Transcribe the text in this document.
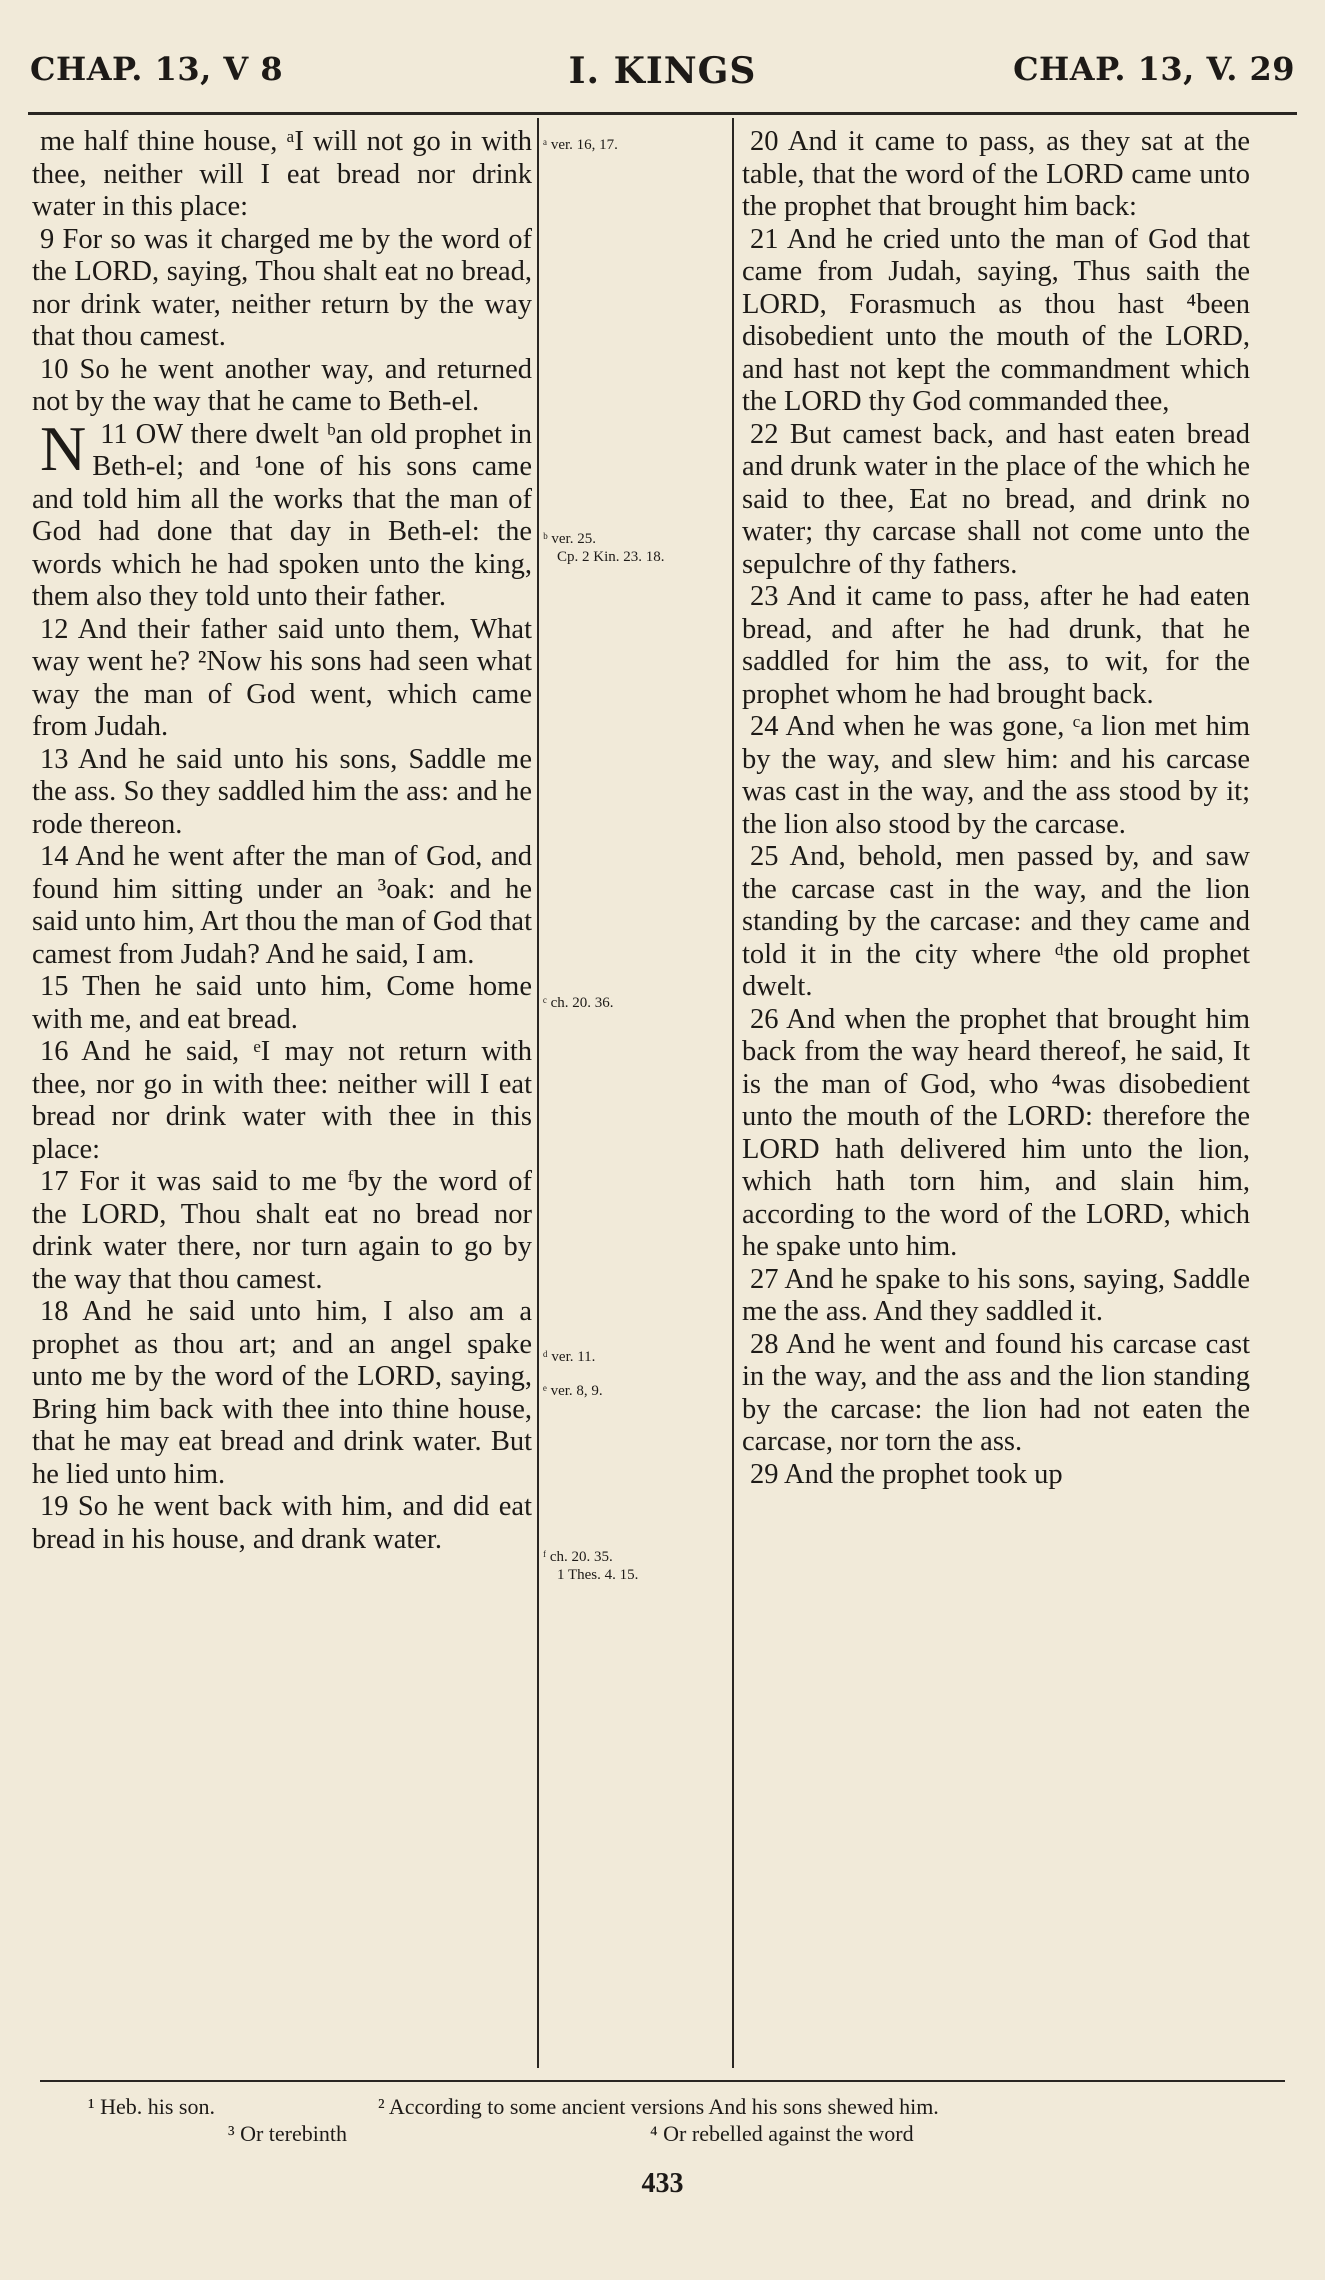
CHAP. 13, V 8	I. KINGS	CHAP. 13, V. 29

me half thine house, ᵃI will not go in with thee, neither will I eat bread nor drink water in this place:

9 For so was it charged me by the word of the LORD, saying, Thou shalt eat no bread, nor drink water, neither return by the way that thou camest.

10 So he went another way, and returned not by the way that he came to Beth-el.

11
N OW there dwelt ᵇan old prophet in Beth-el; and ¹one of his sons came and told him all the works that the man of God had done that day in Beth-el: the words which he had spoken unto the king, them also they told unto their father.

12 And their father said unto them, What way went he? ²Now his sons had seen what way the man of God went, which came from Judah.

13 And he said unto his sons, Saddle me the ass. So they saddled him the ass: and he rode thereon.

14 And he went after the man of God, and found him sitting under an ³oak: and he said unto him, Art thou the man of God that camest from Judah? And he said, I am.

15 Then he said unto him, Come home with me, and eat bread.

16 And he said, ᵉI may not return with thee, nor go in with thee: neither will I eat bread nor drink water with thee in this place:

17 For it was said to me ᶠby the word of the LORD, Thou shalt eat no bread nor drink water there, nor turn again to go by the way that thou camest.

18 And he said unto him, I also am a prophet as thou art; and an angel spake unto me by the word of the LORD, saying, Bring him back with thee into thine house, that he may eat bread and drink water. But he lied unto him.

19 So he went back with him, and did eat bread in his house, and drank water.

ᵃ ver. 16, 17.
ᵇ ver. 25.
Cp. 2 Kin. 23. 18.
ᶜ ch. 20. 36.
ᵈ ver. 11.
ᵉ ver. 8, 9.
ᶠ ch. 20. 35.
1 Thes. 4. 15.

20 And it came to pass, as they sat at the table, that the word of the LORD came unto the prophet that brought him back:

21 And he cried unto the man of God that came from Judah, saying, Thus saith the LORD, Forasmuch as thou hast ⁴been disobedient unto the mouth of the LORD, and hast not kept the commandment which the LORD thy God commanded thee,

22 But camest back, and hast eaten bread and drunk water in the place of the which he said to thee, Eat no bread, and drink no water; thy carcase shall not come unto the sepulchre of thy fathers.

23 And it came to pass, after he had eaten bread, and after he had drunk, that he saddled for him the ass, to wit, for the prophet whom he had brought back.

24 And when he was gone, ᶜa lion met him by the way, and slew him: and his carcase was cast in the way, and the ass stood by it; the lion also stood by the carcase.

25 And, behold, men passed by, and saw the carcase cast in the way, and the lion standing by the carcase: and they came and told it in the city where ᵈthe old prophet dwelt.

26 And when the prophet that brought him back from the way heard thereof, he said, It is the man of God, who ⁴was disobedient unto the mouth of the LORD: therefore the LORD hath delivered him unto the lion, which hath torn him, and slain him, according to the word of the LORD, which he spake unto him.

27 And he spake to his sons, saying, Saddle me the ass. And they saddled it.

28 And he went and found his carcase cast in the way, and the ass and the lion standing by the carcase: the lion had not eaten the carcase, nor torn the ass.

29 And the prophet took up

¹ Heb. his son.	² According to some ancient versions And his sons shewed him.
³ Or terebinth	⁴ Or rebelled against the word
433
